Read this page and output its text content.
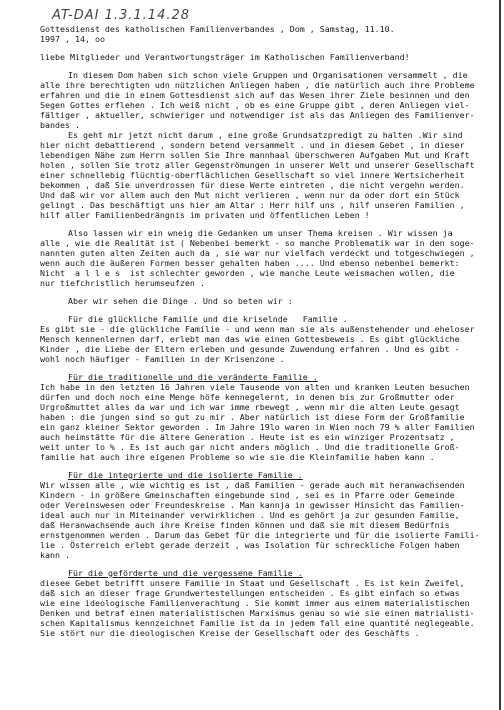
AT-DAI 1.3.1.14.28
Gottesdienst des katholischen Familienverbandes , Dom , Samstag, 11.10.
1997 , 14, oo
liebe Mitglieder und Verantwortungsträger im Katholischen Familienverband!
In diesem Dom haben sich schon viele Gruppen und Organisationen versammelt , die
alle ihre berechtigten udn nützlichen Anliegen haben , die natürlich auch ihre Probleme
erfahren und die in einem Gottesdienst sich auf das Wesen ihrer Ziele besinnen und den
Segen Gottes erflehen . Ich weiß nicht , ob es eine Gruppe gibt , deren Anliegen viel-
fältiger , aktueller, schwieriger und notwendiger ist als das Anliegen des Familienver-
bandes .
Es geht mir jetzt nicht darum , eine große Grundsatzpredigt zu halten .Wir sind
hier nicht debattierend , sondern betend versammelt . und in diesem Gebet , in dieser
lebendigen Nähe zum Herrn sollen Sie Ihre mannhaal überschweren Aufgaben Mut und Kraft
holen , sollen Sie trotz aller Gegenströmungen in unserer Welt und unserer Gesellschaft
einer schnellebig flüchtig-oberflächlichen Gesellschaft so viel innere Wertsicherheit
bekommen , daß Sie unverdrossen für diese Werte eintreten , die nicht vergehn werden.
Und daß wir vor allem auch den Mut nicht verlieren , wenn nur da oder dort ein Stück
gelingt . Das beschäftigt uns hier am Altar : Herr hilf uns , hilf unseren Familien ,
hilf aller Familienbedrängnis im privaten und öffentlichen Leben !
Also lassen wir ein wneig die Gedanken um unser Thema kreisen . Wir wissen ja
alle , wie die Realität ist ( Nebenbei bemerkt - so manche Problematik war in den soge-
nannten guten alten Zeiten auch da , sie war nur vielfach verdeckt und totgeschwiegen ,
wenn auch die äußeren Formen besser gehalten haben .... Und ebenso nebenbei bemerkt:
Nicht  a l l e s  ist schlechter geworden , wie manche Leute weismachen wollen, die
nur tiefchristlich herumseufzen .
Aber wir sehen die Dinge . Und so beten wir :
Für die glückliche Familie und die kriselnde   Familie .
Es gibt sie - die glückliche Familie - und wenn man sie als außenstehender und eheloser
Mensch kennenlernen darf, erlebt man das wie einen Gottesbeweis . Es gibt glückliche
Kinder , die Liebe der Eltern erleben und gesunde Zuwendung erfahren . Und es gibt -
wohl noch häufiger - Familien in der Krisenzone .
Für die traditionelle und die veränderte Familie .
Ich habe in den letzten 16 Jahren viele Tausende von alten und kranken Leuten besuchen
dürfen und doch noch eine Menge höfe kennegelernt, in denen bis zur Großmutter oder
Urgroßmuttet alles da war und ich war imme rbewegt , wenn mir die alten Leute gesagt
haben : die jungen sind so gut zu mir . Aber natürlich ist diese Form der Großfamilie
ein ganz kleiner Sektor geworden . Im Jahre 19lo waren in Wien noch 79 % aller Familien
auch heimstätte für die ältere Generation . Heute ist es ein winziger Prozentsatz ,
weit unter lo % . Es ist auch gar nicht anders möglich . Und die traditionelle Groß-
familie hat auch ihre eigenen Probleme so wie sie die Kleinfamilie haben kann .
Für die integrierte und die isolierte Familie .
Wir wissen alle , wie wichtig es ist , daß Familien - gerade auch mit heranwachsenden
Kindern - in größere Gmeinschaften eingebunde sind , sei es in Pfarre oder Gemeinde
oder Vereinswesen oder Freundeskreise . Man kannja in gewisser Hinsicht das Familien-
ideal auch nur in Miteinander verwirklichen . Und es gehört ja zur gesunden Familie,
daß Heranwachsende auch ihre Kreise finden können und daß sie mit diesem Bedürfnis
ernstgenommen werden . Darum das Gebet für die integrierte und für die isolierte Famili-
lie . Österreich erlebt gerade derzeit , was Isolation für schreckliche Folgen haben
kann .
Für die geförderte und die vergessene Familie .
diesee Gebet betrifft unsere Familie in Staat und Gesellschaft . Es ist kein Zweifel,
daß sich an dieser frage Grundwertestellungen entscheiden . Es gibt einfach so etwas
wie eine ideologische Familienverachtung . Sie kommt immer aus einem materialistischen
Denken und betraf einen materialistischen Marxismus genau so wie sie einen matrialisti-
schen Kapitalismus kennzeichnet Familie ist da in jedem fall eine quantité neglegeable.
Sie stört nur die dieologischen Kreise der Gesellschaft oder des Geschäfts .
